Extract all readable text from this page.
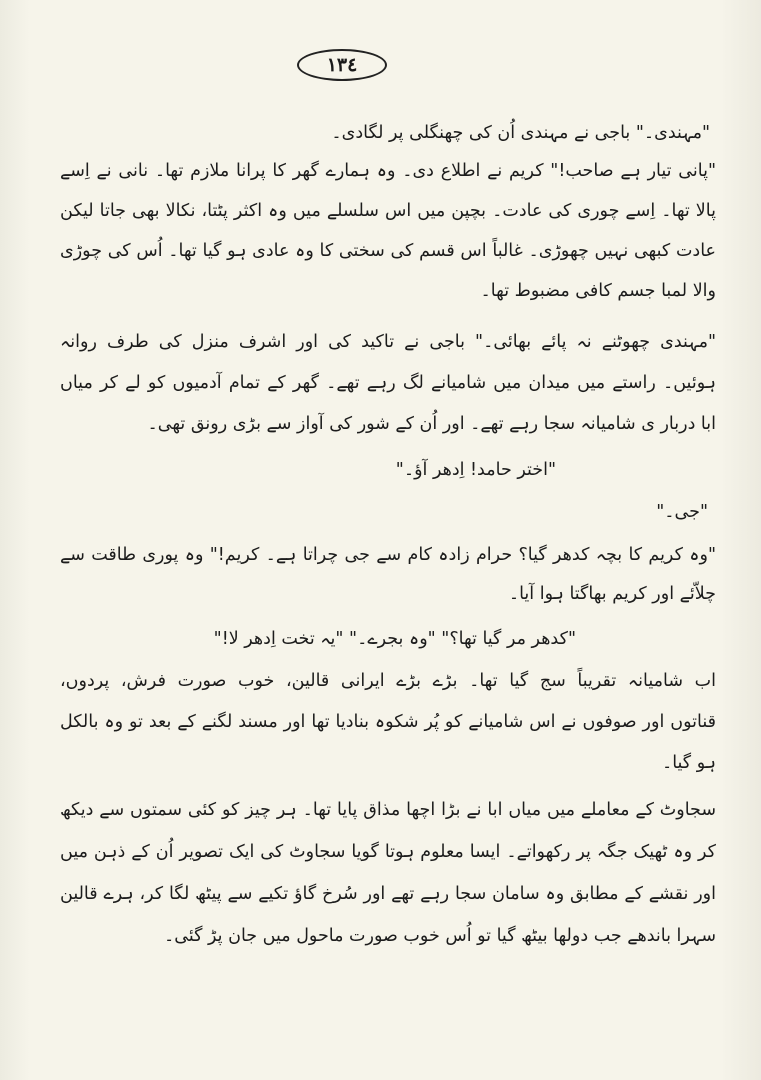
١٣٤
"مہندی۔" باجی نے مہندی اُن کی چھنگلی پر لگادی۔
"پانی تیار ہے صاحب!" کریم نے اطلاع دی۔ وہ ہمارے گھر کا پرانا ملازم تھا۔ نانی نے اِسے
پالا تھا۔ اِسے چوری کی عادت۔ بچپن میں اس سلسلے میں وہ اکثر پٹتا، نکالا بھی جاتا لیکن
عادت کبھی نہیں چھوڑی۔ غالباً اس قسم کی سختی کا وہ عادی ہو گیا تھا۔ اُس کی چوڑی
والا لمبا جسم کافی مضبوط تھا۔
"مہندی چھوٹنے نہ پائے بھائی۔" باجی نے تاکید کی اور اشرف منزل کی طرف روانہ
ہوئیں۔ راستے میں میدان میں شامیانے لگ رہے تھے۔ گھر کے تمام آدمیوں کو لے کر میاں
ابا دربار ی شامیانہ سجا رہے تھے۔ اور اُن کے شور کی آواز سے بڑی رونق تھی۔
"اختر حامد! اِدھر آؤ۔"
"جی۔"
"وہ کریم کا بچہ کدھر گیا؟ حرام زادہ کام سے جی چراتا ہے۔ کریم!" وہ پوری طاقت سے
چلاّئے اور کریم بھاگتا ہوا آیا۔
"کدھر مر گیا تھا؟" "وہ بجرے۔" "یہ تخت اِدھر لا!"
اب شامیانہ تقریباً سج گیا تھا۔ بڑے بڑے ایرانی قالین، خوب صورت فرش، پردوں،
قناتوں اور صوفوں نے اس شامیانے کو پُر شکوہ بنادیا تھا اور مسند لگنے کے بعد تو وہ بالکل
ہو گیا۔
سجاوٹ کے معاملے میں میاں ابا نے بڑا اچھا مذاق پایا تھا۔ ہر چیز کو کئی سمتوں سے دیکھ
کر وہ ٹھیک جگہ پر رکھواتے۔ ایسا معلوم ہوتا گویا سجاوٹ کی ایک تصویر اُن کے ذہن میں
اور نقشے کے مطابق وہ سامان سجا رہے تھے اور سُرخ گاؤ تکیے سے پیٹھ لگا کر، ہرے قالین
سہرا باندھے جب دولھا بیٹھ گیا تو اُس خوب صورت ماحول میں جان پڑ گئی۔
